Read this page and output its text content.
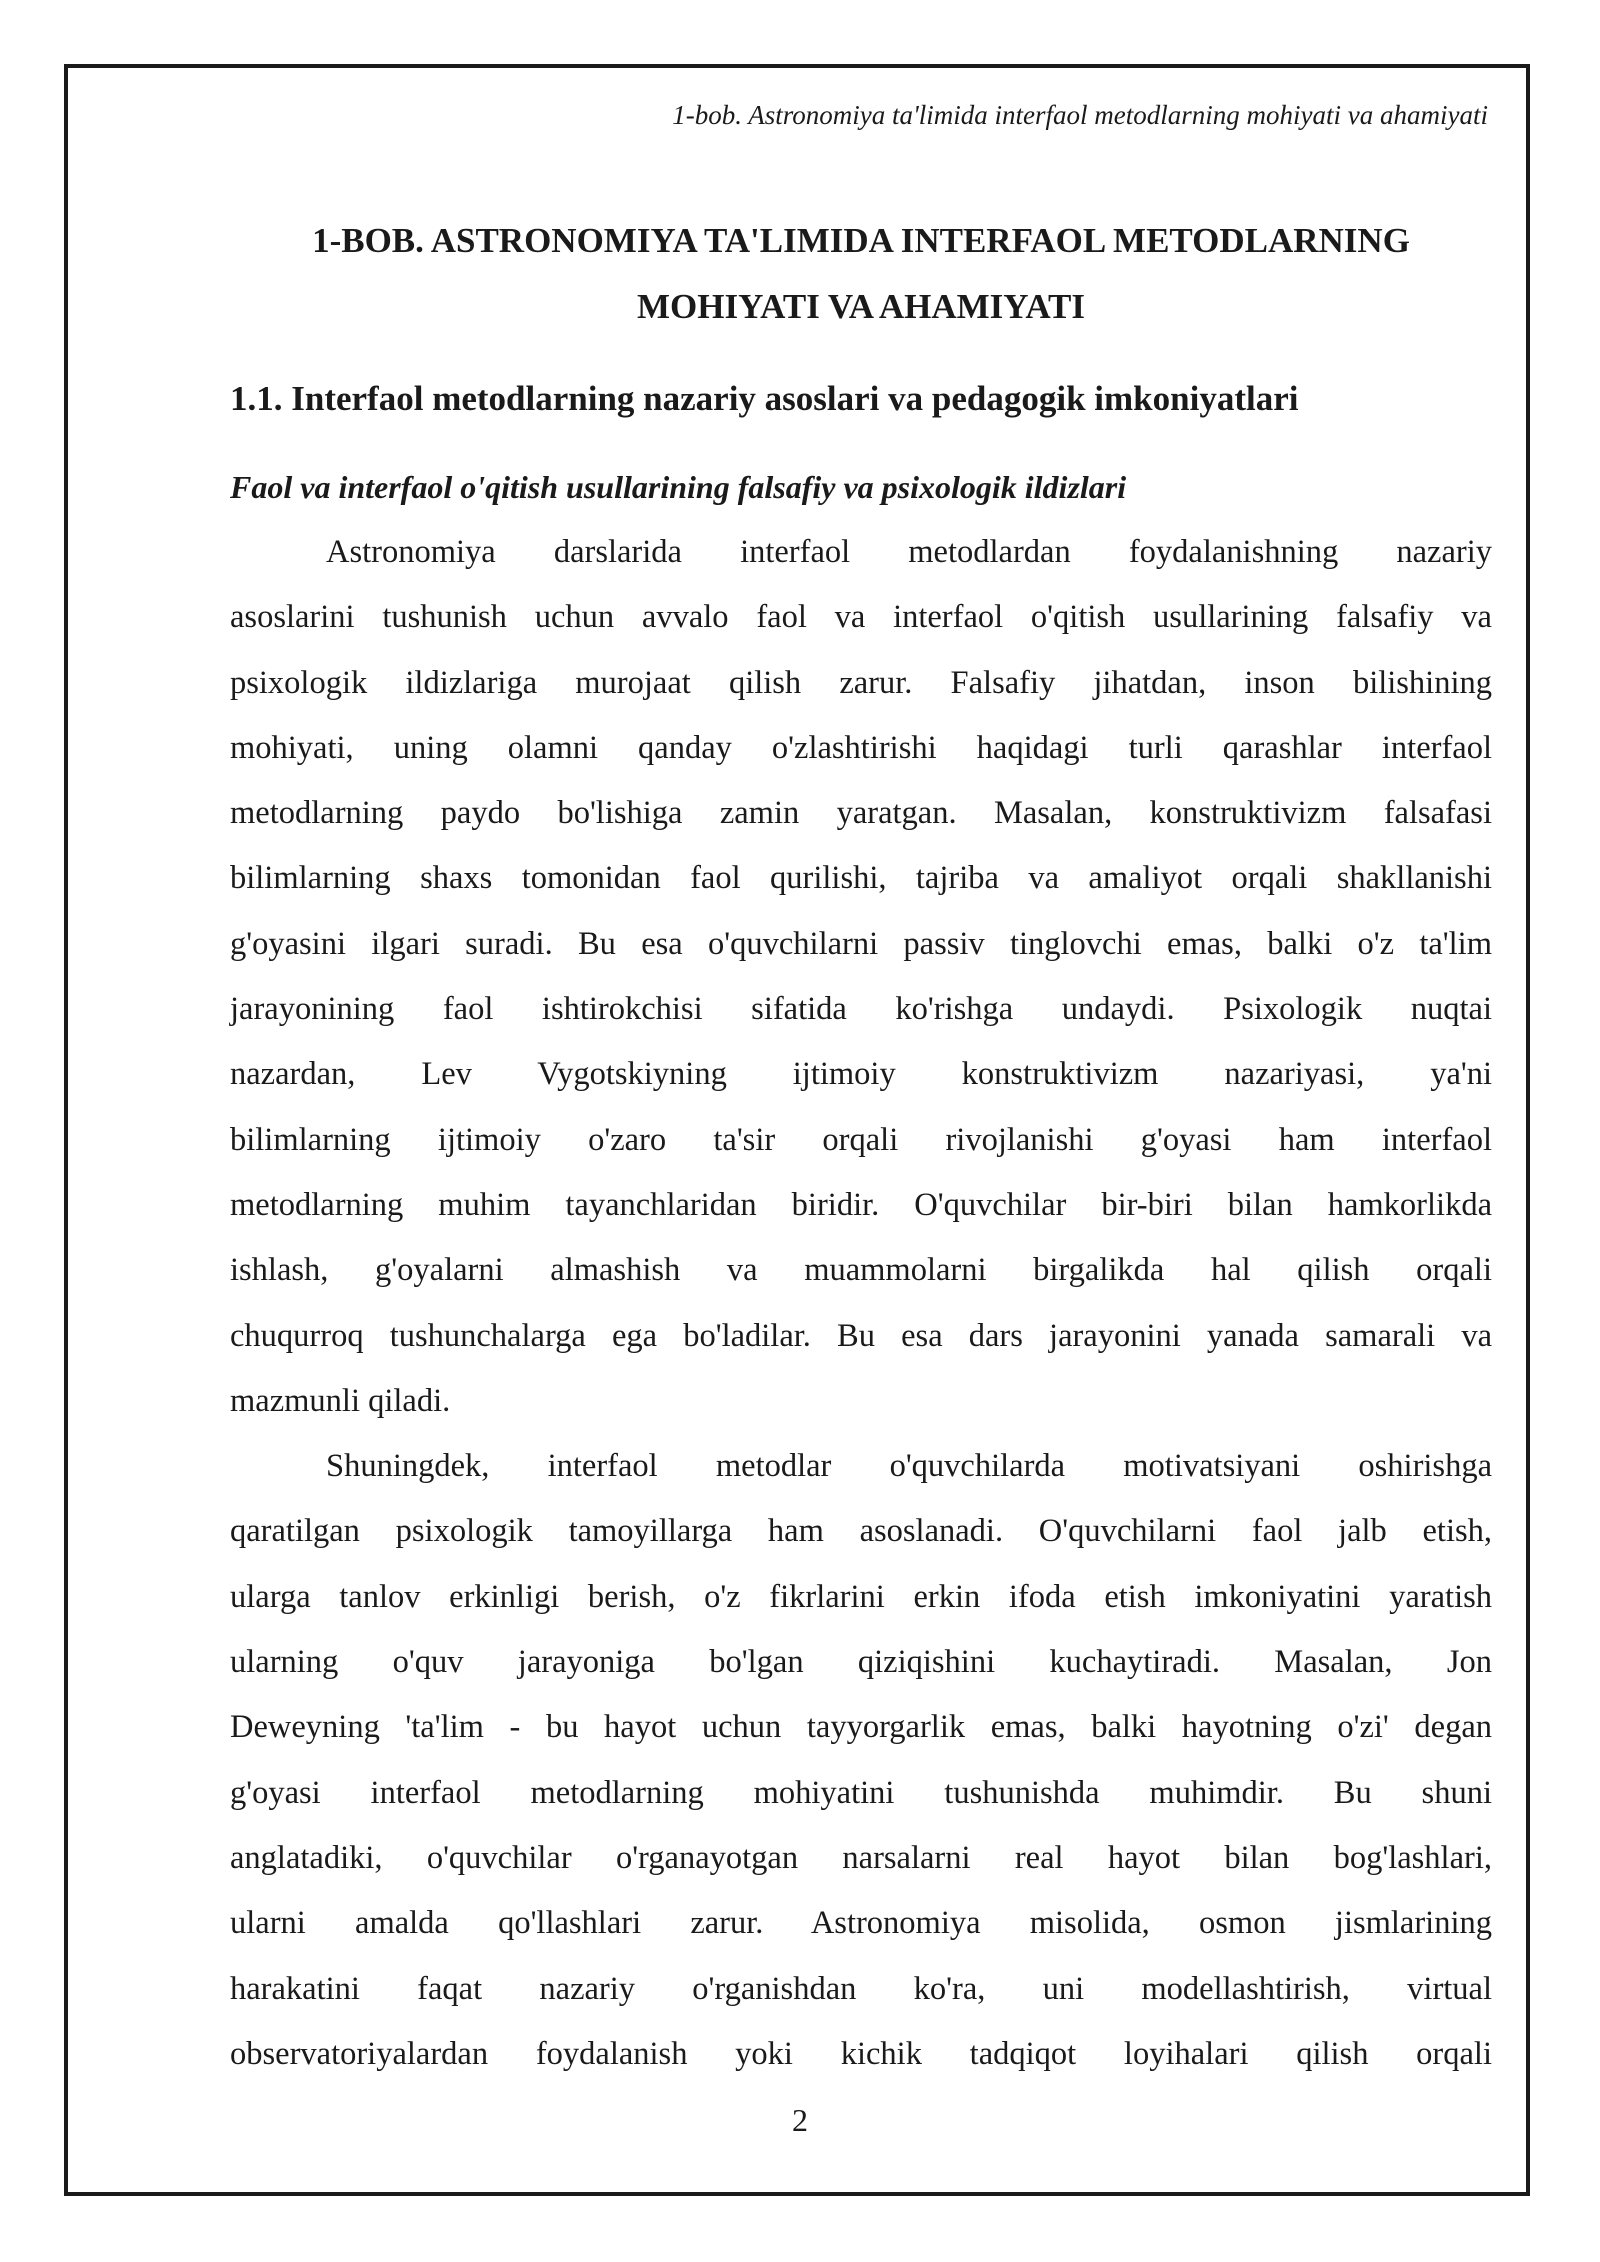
1-bob. Astronomiya ta'limida interfaol metodlarning mohiyati va ahamiyati
1-BOB. ASTRONOMIYA TA'LIMIDA INTERFAOL METODLARNING
MOHIYATI VA AHAMIYATI
1.1. Interfaol metodlarning nazariy asoslari va pedagogik imkoniyatlari
Faol va interfaol o'qitish usullarining falsafiy va psixologik ildizlari

Astronomiya darslarida interfaol metodlardan foydalanishning nazariy
asoslarini tushunish uchun avvalo faol va interfaol o'qitish usullarining falsafiy va
psixologik ildizlariga murojaat qilish zarur. Falsafiy jihatdan, inson bilishining
mohiyati, uning olamni qanday o'zlashtirishi haqidagi turli qarashlar interfaol
metodlarning paydo bo'lishiga zamin yaratgan. Masalan, konstruktivizm falsafasi
bilimlarning shaxs tomonidan faol qurilishi, tajriba va amaliyot orqali shakllanishi
g'oyasini ilgari suradi. Bu esa o'quvchilarni passiv tinglovchi emas, balki o'z ta'lim
jarayonining faol ishtirokchisi sifatida ko'rishga undaydi. Psixologik nuqtai
nazardan, Lev Vygotskiyning ijtimoiy konstruktivizm nazariyasi, ya'ni
bilimlarning ijtimoiy o'zaro ta'sir orqali rivojlanishi g'oyasi ham interfaol
metodlarning muhim tayanchlaridan biridir. O'quvchilar bir-biri bilan hamkorlikda
ishlash, g'oyalarni almashish va muammolarni birgalikda hal qilish orqali
chuqurroq tushunchalarga ega bo'ladilar. Bu esa dars jarayonini yanada samarali va
mazmunli qiladi.

Shuningdek, interfaol metodlar o'quvchilarda motivatsiyani oshirishga
qaratilgan psixologik tamoyillarga ham asoslanadi. O'quvchilarni faol jalb etish,
ularga tanlov erkinligi berish, o'z fikrlarini erkin ifoda etish imkoniyatini yaratish
ularning o'quv jarayoniga bo'lgan qiziqishini kuchaytiradi. Masalan, Jon
Deweyning 'ta'lim - bu hayot uchun tayyorgarlik emas, balki hayotning o'zi' degan
g'oyasi interfaol metodlarning mohiyatini tushunishda muhimdir. Bu shuni
anglatadiki, o'quvchilar o'rganayotgan narsalarni real hayot bilan bog'lashlari,
ularni amalda qo'llashlari zarur. Astronomiya misolida, osmon jismlarining
harakatini faqat nazariy o'rganishdan ko'ra, uni modellashtirish, virtual
observatoriyalardan foydalanish yoki kichik tadqiqot loyihalari qilish orqali

2
